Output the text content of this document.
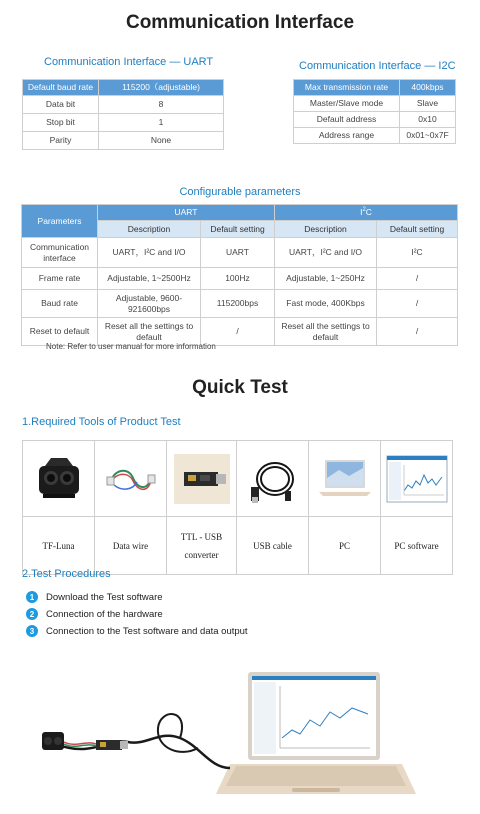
Communication Interface
Communication Interface — UART	Communication Interface — I2C
Default baud rate	115200（adjustable)
Data bit	8
Stop bit	1
Parity	None
Max transmission rate	400kbps
Master/Slave mode	Slave
Default address	0x10
Address range	0x01~0x7F
Configurable parameters
Parameters	UART		$I^2C$	
	Description	Default setting	Description	Default setting
Communication interface	UART，I²C and I/O	UART	UART，I²C and I/O	I²C
Frame rate	Adjustable, 1~2500Hz	100Hz	Adjustable, 1~250Hz	/
Baud rate	Adjustable, 9600-921600bps	115200bps	Fast mode, 400Kbps	/
Reset to default	Reset all the settings to default	/	Reset all the settings to default	/
Note: Refer to user manual for more information
Quick Test
1.Required Tools of Product Test

TF-Luna	Data wire	TTL - USB converter	USB cable	PC	PC software
2.Test Procedures
1	Download the Test software
2	Connection of the hardware
3	Connection to the Test software and data output
